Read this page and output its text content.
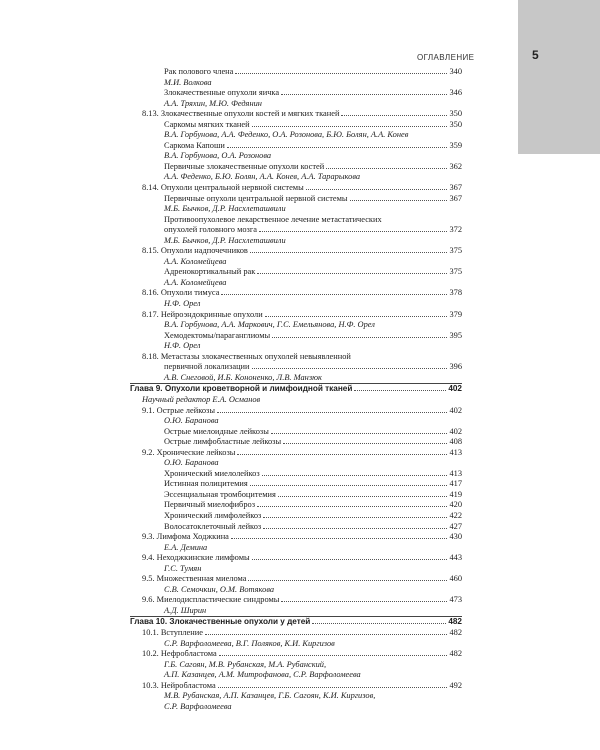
ОГЛАВЛЕНИЕ	5
Рак полового члена	340
М.И. Волкова
Злокачественные опухоли яичка	346
А.А. Тряхин, М.Ю. Федянин
8.13. Злокачественные опухоли костей и мягких тканей	350
Саркомы мягких тканей	350
В.А. Горбунова, А.А. Феденко, О.А. Розонова, Б.Ю. Болян, А.А. Конев
Саркома Капоши	359
В.А. Горбунова, О.А. Розонова
Первичные злокачественные опухоли костей	362
А.А. Феденко, Б.Ю. Болян, А.А. Конев, А.А. Тарарыкова
8.14. Опухоли центральной нервной системы	367
Первичные опухоли центральной нервной системы	367
М.Б. Бычков, Д.Р. Насхлеташвили
Противоопухолевое лекарственное лечение метастатических
опухолей головного мозга	372
М.Б. Бычков, Д.Р. Насхлеташвили
8.15. Опухоли надпочечников	375
А.А. Коломейцева
Адренокортикальный рак	375
А.А. Коломейцева
8.16. Опухоли тимуса	378
Н.Ф. Орел
8.17. Нейроэндокринные опухоли	379
В.А. Горбунова, А.А. Маркович, Г.С. Емельянова, Н.Ф. Орел
Хемодектомы/параганглиомы	395
Н.Ф. Орел
8.18. Метастазы злокачественных опухолей невыявленной
первичной локализации	396
А.В. Снеговой, И.Б. Кононенко, Л.В. Манзюк
Глава 9. Опухоли кроветворной и лимфоидной тканей	402
Научный редактор Е.А. Османов
9.1. Острые лейкозы	402
О.Ю. Баранова
Острые миелоидные лейкозы	402
Острые лимфобластные лейкозы	408
9.2. Хронические лейкозы	413
О.Ю. Баранова
Хронический миелолейкоз	413
Истинная полицитемия	417
Эссенциальная тромбоцитемия	419
Первичный миелофиброз	420
Хронический лимфолейкоз	422
Волосатоклеточный лейкоз	427
9.3. Лимфома Ходжкина	430
Е.А. Демина
9.4. Неходжкинские лимфомы	443
Г.С. Тумян
9.5. Множественная миелома	460
С.В. Семочкин, О.М. Вотякова
9.6. Миелодиспластические синдромы	473
А.Д. Ширин
Глава 10. Злокачественные опухоли у детей	482
10.1. Вступление	482
С.Р. Варфоломеева, В.Г. Поляков, К.И. Киргизов
10.2. Нефробластома	482
Г.Б. Сагоян, М.В. Рубанская, М.А. Рубанский,
А.П. Казанцев, А.М. Митрофанова, С.Р. Варфоломеева
10.3. Нейробластома	492
М.В. Рубанская, А.П. Казанцев, Г.Б. Сагоян, К.И. Киргизов,
С.Р. Варфоломеева
